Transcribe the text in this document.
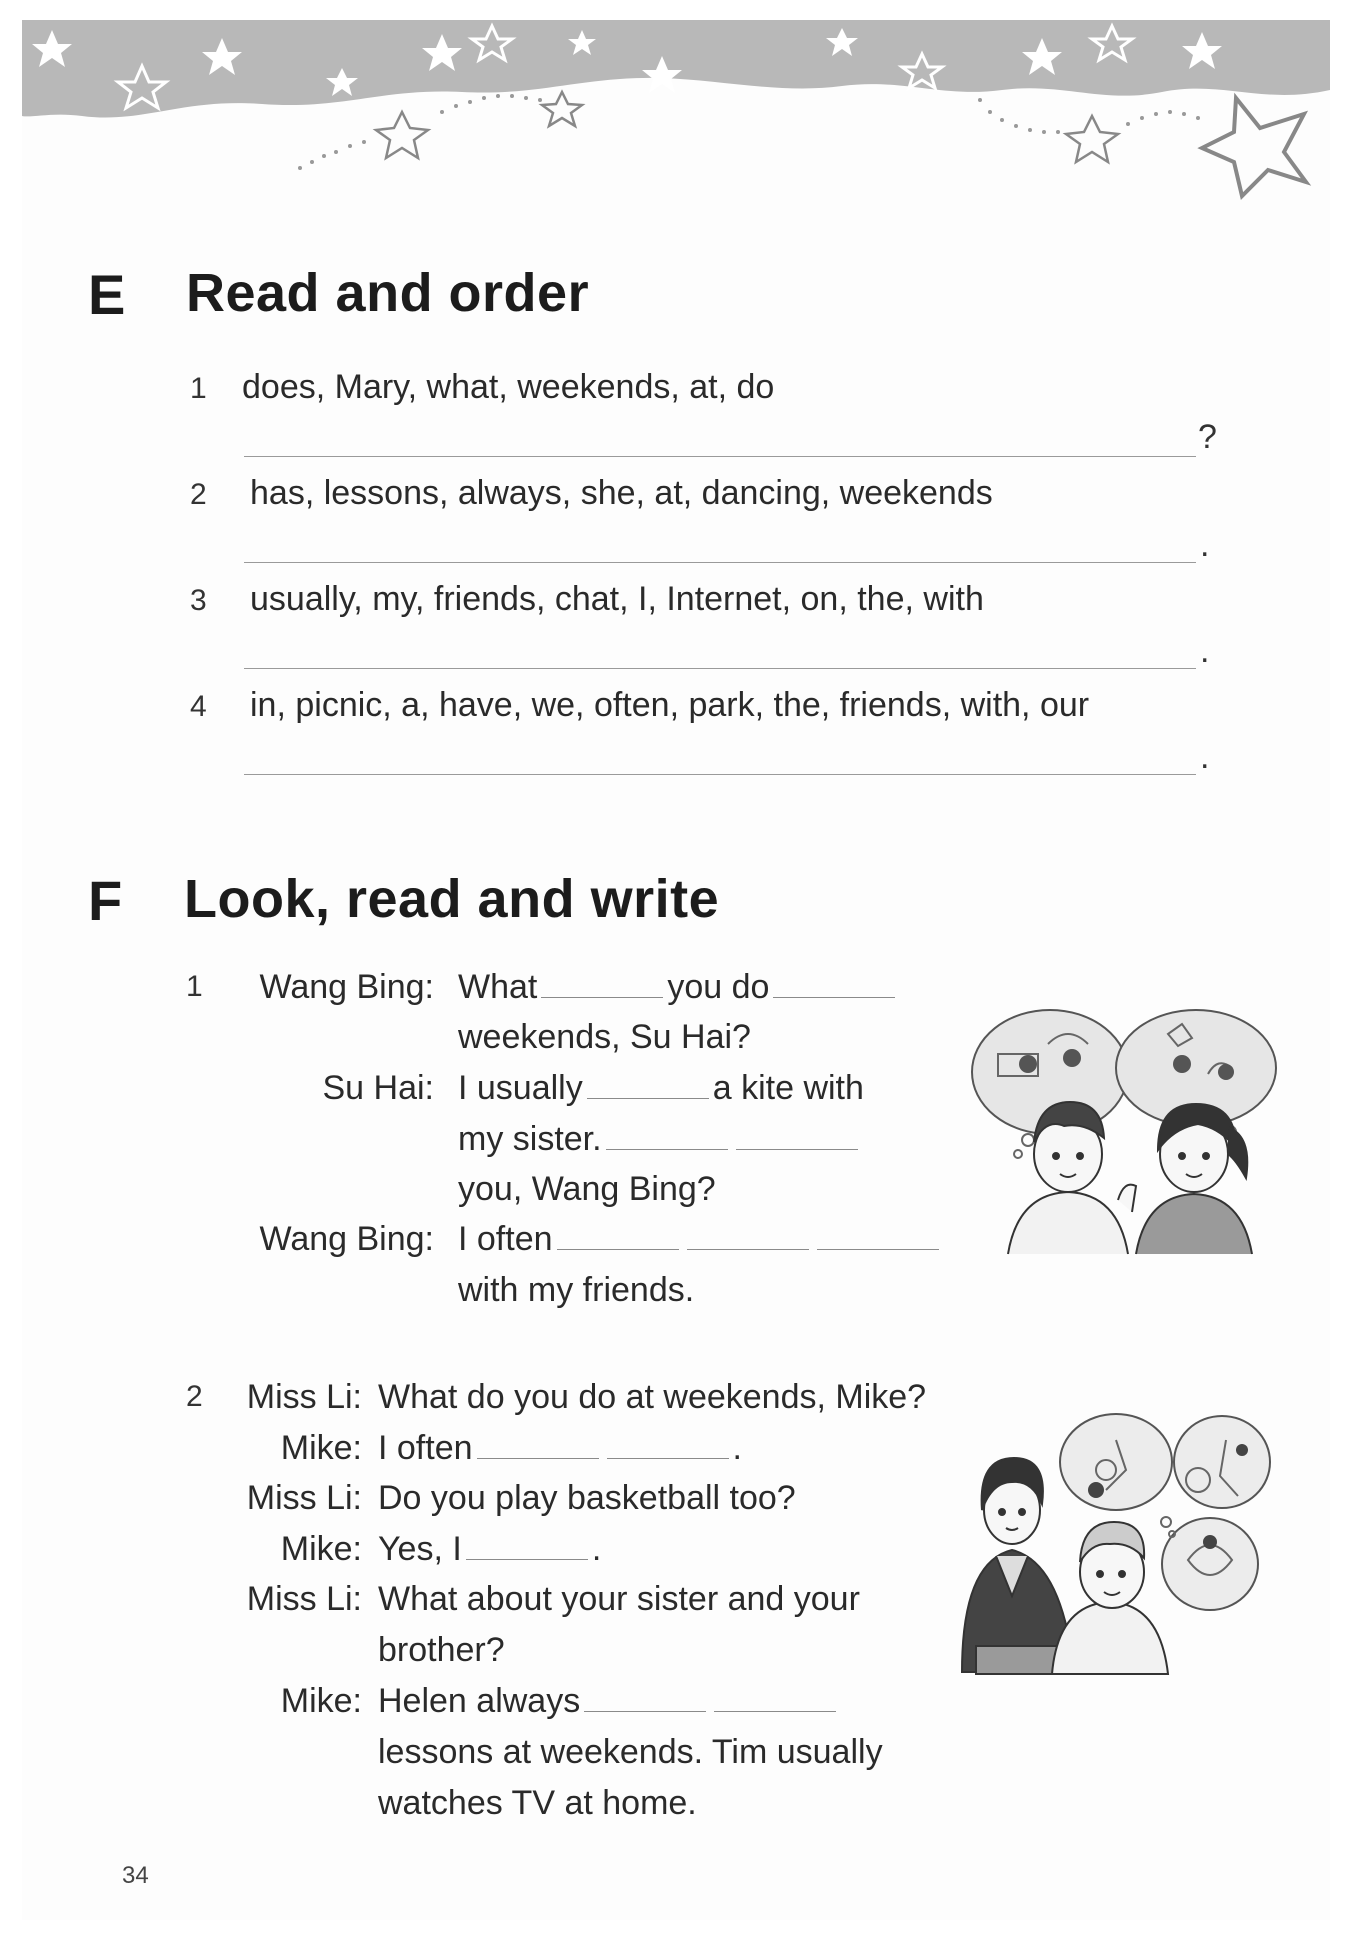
E Read and order
1 does, Mary, what, weekends, at, do
?
2 has, lessons, always, she, at, dancing, weekends
.
3 usually, my, friends, chat, I, Internet, on, the, with
.
4 in, picnic, a, have, we, often, park, the, friends, with, our
.
F Look, read and write
1	Wang Bing: What	you do
weekends, Su Hai?
Su Hai: I usually	a kite with
my sister.
you, Wang Bing?
Wang Bing: I often
with my friends.
2	Miss Li: What do you do at weekends, Mike?
Mike: I often	.
Miss Li: Do you play basketball too?
Mike: Yes, I	.
Miss Li: What about your sister and your
brother?
Mike: Helen always
lessons at weekends. Tim usually
watches TV at home.
34
